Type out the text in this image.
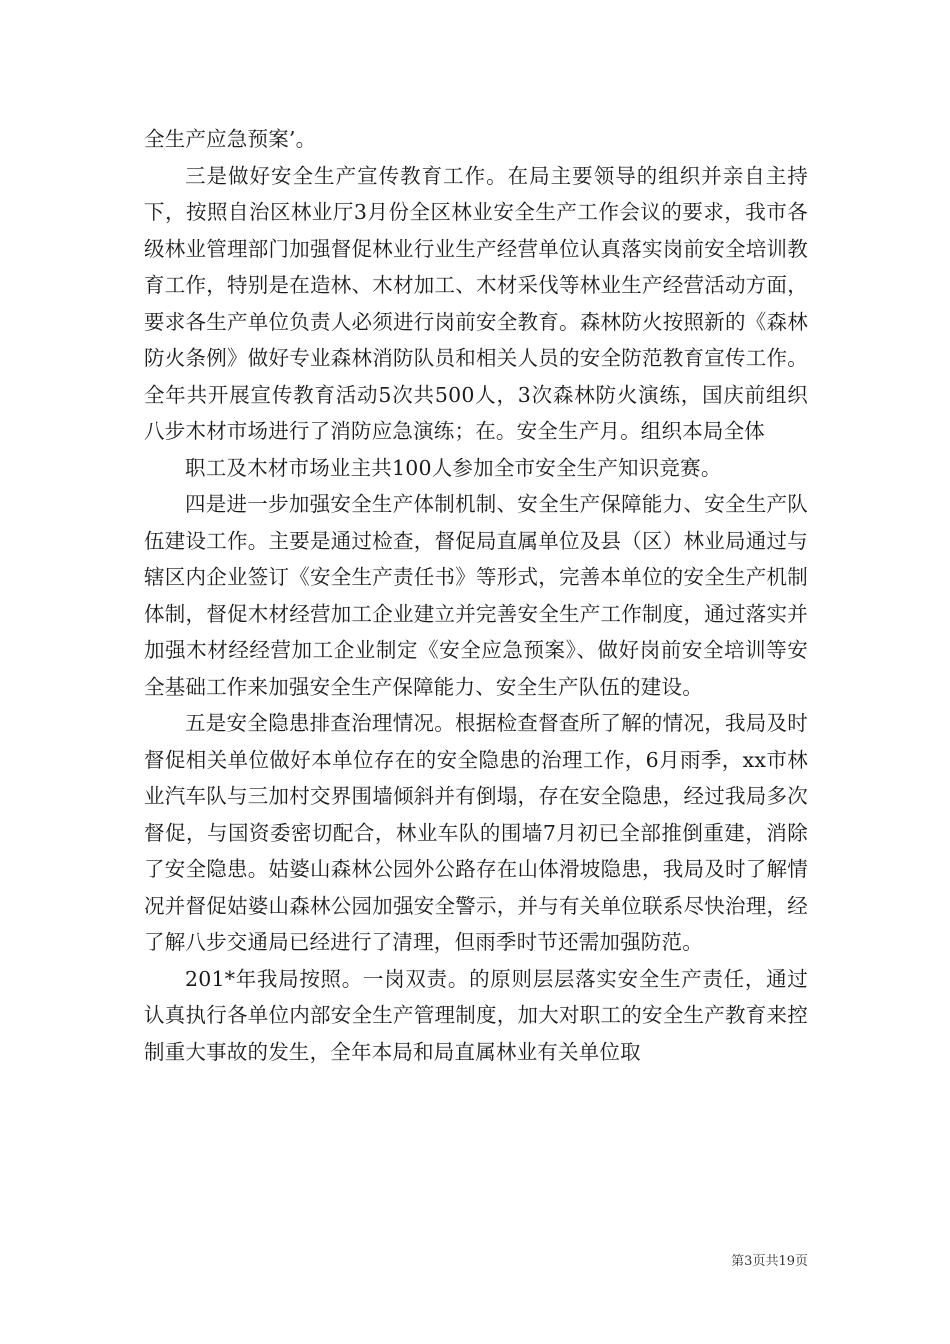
全生产应急预案’。

三是做好安全生产宣传教育工作。在局主要领导的组织并亲自主持下，按照自治区林业厅3月份全区林业安全生产工作会议的要求，我市各级林业管理部门加强督促林业行业生产经营单位认真落实岗前安全培训教育工作，特别是在造林、木材加工、木材采伐等林业生产经营活动方面，要求各生产单位负责人必须进行岗前安全教育。森林防火按照新的《森林防火条例》做好专业森林消防队员和相关人员的安全防范教育宣传工作。全年共开展宣传教育活动5次共500人，3次森林防火演练，国庆前组织八步木材市场进行了消防应急演练；在。安全生产月。组织本局全体

职工及木材市场业主共100人参加全市安全生产知识竞赛。

四是进一步加强安全生产体制机制、安全生产保障能力、安全生产队伍建设工作。主要是通过检查，督促局直属单位及县（区）林业局通过与辖区内企业签订《安全生产责任书》等形式，完善本单位的安全生产机制体制，督促木材经营加工企业建立并完善安全生产工作制度，通过落实并加强木材经经营加工企业制定《安全应急预案》、做好岗前安全培训等安全基础工作来加强安全生产保障能力、安全生产队伍的建设。

五是安全隐患排查治理情况。根据检查督查所了解的情况，我局及时督促相关单位做好本单位存在的安全隐患的治理工作，6月雨季，xx市林业汽车队与三加村交界围墙倾斜并有倒塌，存在安全隐患，经过我局多次督促，与国资委密切配合，林业车队的围墙7月初已全部推倒重建，消除了安全隐患。姑婆山森林公园外公路存在山体滑坡隐患，我局及时了解情况并督促姑婆山森林公园加强安全警示，并与有关单位联系尽快治理，经了解八步交通局已经进行了清理，但雨季时节还需加强防范。

201*年我局按照。一岗双责。的原则层层落实安全生产责任，通过认真执行各单位内部安全生产管理制度，加大对职工的安全生产教育来控制重大事故的发生，全年本局和局直属林业有关单位取

第3页共19页
